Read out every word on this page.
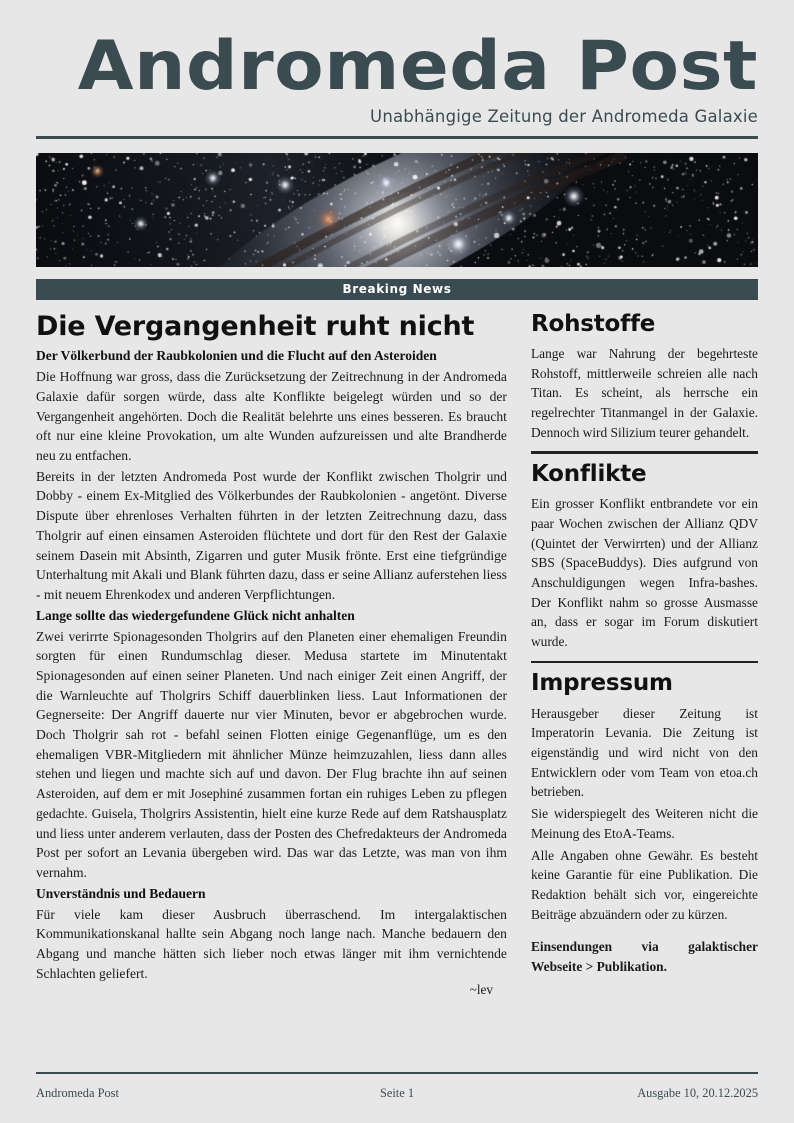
Andromeda Post
Unabhängige Zeitung der Andromeda Galaxie
Breaking News
Die Vergangenheit ruht nicht
Der Völkerbund der Raubkolonien und die Flucht auf den Asteroiden

Die Hoffnung war gross, dass die Zurücksetzung der Zeitrechnung in der Andromeda Galaxie dafür sorgen würde, dass alte Konflikte beigelegt würden und so der Vergangenheit angehörten. Doch die Realität belehrte uns eines besseren. Es braucht oft nur eine kleine Provokation, um alte Wunden aufzureissen und alte Brandherde neu zu entfachen.

Bereits in der letzten Andromeda Post wurde der Konflikt zwischen Tholgrir und Dobby - einem Ex-Mitglied des Völkerbundes der Raubkolonien - angetönt. Diverse Dispute über ehrenloses Verhalten führten in der letzten Zeitrechnung dazu, dass Tholgrir auf einen einsamen Asteroiden flüchtete und dort für den Rest der Galaxie seinem Dasein mit Absinth, Zigarren und guter Musik frönte. Erst eine tiefgründige Unterhaltung mit Akali und Blank führten dazu, dass er seine Allianz auferstehen liess - mit neuem Ehrenkodex und anderen Verpflichtungen.

Lange sollte das wiedergefundene Glück nicht anhalten

Zwei verirrte Spionagesonden Tholgrirs auf den Planeten einer ehemaligen Freundin sorgten für einen Rundumschlag dieser. Medusa startete im Minutentakt Spionagesonden auf einen seiner Planeten. Und nach einiger Zeit einen Angriff, der die Warnleuchte auf Tholgrirs Schiff dauerblinken liess. Laut Informationen der Gegnerseite: Der Angriff dauerte nur vier Minuten, bevor er abgebrochen wurde. Doch Tholgrir sah rot - befahl seinen Flotten einige Gegenanflüge, um es den ehemaligen VBR-Mitgliedern mit ähnlicher Münze heimzuzahlen, liess dann alles stehen und liegen und machte sich auf und davon. Der Flug brachte ihn auf seinen Asteroiden, auf dem er mit Josephiné zusammen fortan ein ruhiges Leben zu pflegen gedachte. Guisela, Tholgrirs Assistentin, hielt eine kurze Rede auf dem Ratshausplatz und liess unter anderem verlauten, dass der Posten des Chefredakteurs der Andromeda Post per sofort an Levania übergeben wird. Das war das Letzte, was man von ihm vernahm.

Unverständnis und Bedauern

Für viele kam dieser Ausbruch überraschend. Im intergalaktischen Kommunikationskanal hallte sein Abgang noch lange nach. Manche bedauern den Abgang und manche hätten sich lieber noch etwas länger mit ihm vernichtende Schlachten geliefert.

~lev
Rohstoffe

Lange war Nahrung der begehrteste Rohstoff, mittlerweile schreien alle nach Titan. Es scheint, als herrsche ein regelrechter Titanmangel in der Galaxie. Dennoch wird Silizium teurer gehandelt.

Konflikte

Ein grosser Konflikt entbrandete vor ein paar Wochen zwischen der Allianz QDV (Quintet der Verwirrten) und der Allianz SBS (SpaceBuddys). Dies aufgrund von Anschuldigungen wegen Infra-bashes. Der Konflikt nahm so grosse Ausmasse an, dass er sogar im Forum diskutiert wurde.

Impressum

Herausgeber dieser Zeitung ist Imperatorin Levania. Die Zeitung ist eigenständig und wird nicht von den Entwicklern oder vom Team von etoa.ch betrieben.

Sie widerspiegelt des Weiteren nicht die Meinung des EtoA-Teams.

Alle Angaben ohne Gewähr. Es besteht keine Garantie für eine Publikation. Die Redaktion behält sich vor, eingereichte Beiträge abzuändern oder zu kürzen.

Einsendungen via galaktischer Webseite > Publikation.

Andromeda Post	Seite 1	Ausgabe 10, 20.12.2025
